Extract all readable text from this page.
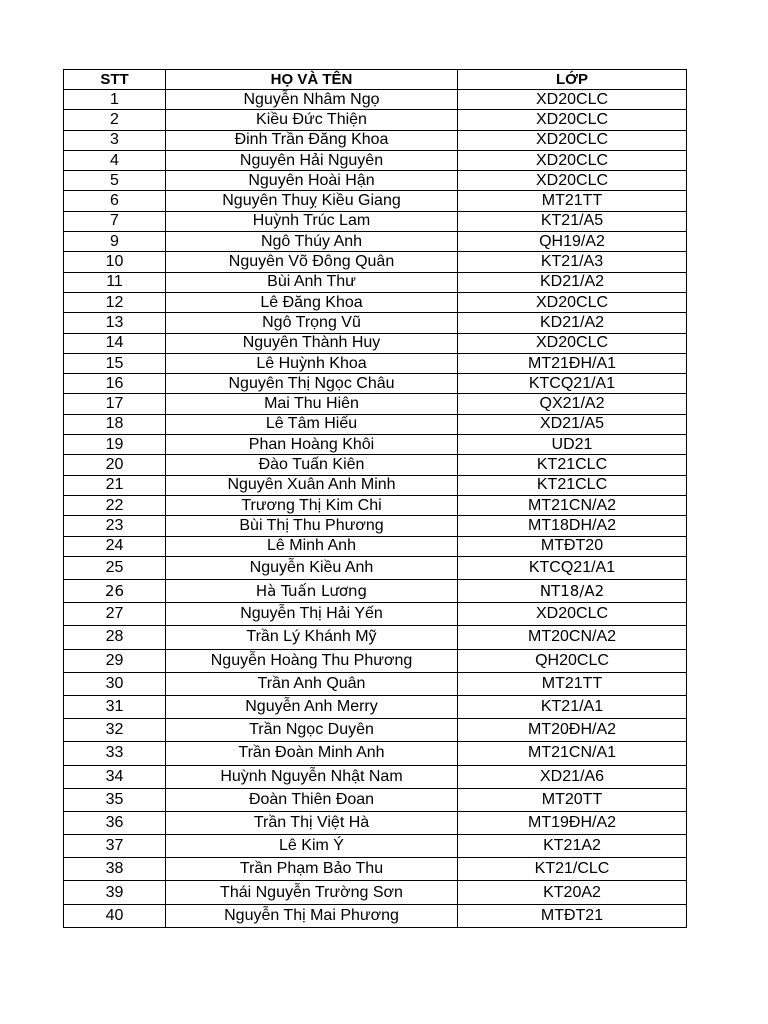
STT	HỌ VÀ TÊN	LỚP
1	Nguyễn Nhâm Ngọ	XD20CLC
2	Kiều Đức Thiện	XD20CLC
3	Đinh Trần Đăng Khoa	XD20CLC
4	Nguyên Hải Nguyên	XD20CLC
5	Nguyên Hoài Hận	XD20CLC
6	Nguyên Thuỵ Kiều Giang	MT21TT
7	Huỳnh Trúc Lam	KT21/A5
9	Ngô Thúy Anh	QH19/A2
10	Nguyên Võ Đông Quân	KT21/A3
11	Bùi Anh Thư	KD21/A2
12	Lê Đăng Khoa	XD20CLC
13	Ngô Trọng Vũ	KD21/A2
14	Nguyên Thành Huy	XD20CLC
15	Lê Huỳnh Khoa	MT21ĐH/A1
16	Nguyên Thị Ngọc Châu	KTCQ21/A1
17	Mai Thu Hiên	QX21/A2
18	Lê Tâm Hiếu	XD21/A5
19	Phan Hoàng Khôi	UD21
20	Đào Tuấn Kiên	KT21CLC
21	Nguyên Xuân Anh Minh	KT21CLC
22	Trương Thị Kim Chi	MT21CN/A2
23	Bùi Thị Thu Phương	MT18DH/A2
24	Lê Minh Anh	MTĐT20
25	Nguyễn Kiều Anh	KTCQ21/A1
26	Hà Tuấn Lương	NT18/A2
27	Nguyễn Thị Hải Yến	XD20CLC
28	Trần Lý Khánh Mỹ	MT20CN/A2
29	Nguyễn Hoàng Thu Phương	QH20CLC
30	Trần Anh Quân	MT21TT
31	Nguyễn Anh Merry	KT21/A1
32	Trần Ngọc Duyên	MT20ĐH/A2
33	Trần Đoàn Minh Anh	MT21CN/A1
34	Huỳnh Nguyễn Nhật Nam	XD21/A6
35	Đoàn Thiên Đoan	MT20TT
36	Trần Thị Việt Hà	MT19ĐH/A2
37	Lê Kim Ý	KT21A2
38	Trần Phạm Bảo Thu	KT21/CLC
39	Thái Nguyễn Trường Sơn	KT20A2
40	Nguyễn Thị Mai Phương	MTĐT21
